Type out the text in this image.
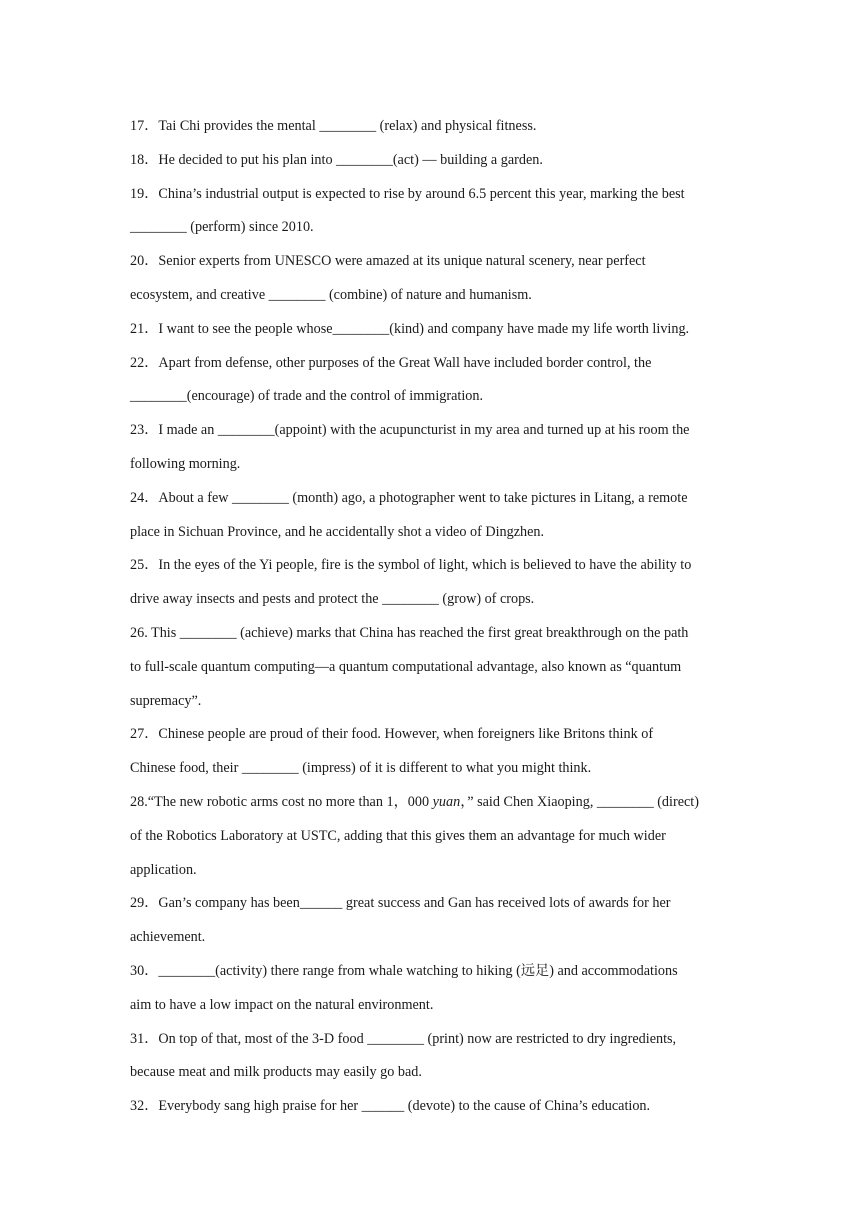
17．Tai Chi provides the mental ________ (relax) and physical fitness.
18．He decided to put his plan into ________(act) — building a garden.
19．China’s industrial output is expected to rise by around 6.5 percent this year, marking the best
________ (perform) since 2010.
20．Senior experts from UNESCO were amazed at its unique natural scenery, near perfect
ecosystem, and creative ________ (combine) of nature and humanism.
21．I want to see the people whose________(kind) and company have made my life worth living.
22．Apart from defense, other purposes of the Great Wall have included border control, the
________(encourage) of trade and the control of immigration.
23．I made an ________(appoint) with the acupuncturist in my area and turned up at his room the
following morning.
24．About a few ________ (month) ago, a photographer went to take pictures in Litang, a remote
place in Sichuan Province, and he accidentally shot a video of Dingzhen.
25．In the eyes of the Yi people, fire is the symbol of light, which is believed to have the ability to
drive away insects and pests and protect the ________ (grow) of crops.
26. This ________ (achieve) marks that China has reached the first great breakthrough on the path
to full-scale quantum computing—a quantum computational advantage, also known as “quantum
supremacy”.
27．Chinese people are proud of their food. However, when foreigners like Britons think of
Chinese food, their ________ (impress) of it is different to what you might think.
28.“The new robotic arms cost no more than 1，000 yuan，” said Chen Xiaoping, ________ (direct)
of the Robotics Laboratory at USTC, adding that this gives them an advantage for much wider
application.
29．Gan’s company has been______ great success and Gan has received lots of awards for her
achievement.
30．________(activity) there range from whale watching to hiking (远足) and accommodations
aim to have a low impact on the natural environment.
31．On top of that, most of the 3-D food ________ (print) now are restricted to dry ingredients,
because meat and milk products may easily go bad.
32．Everybody sang high praise for her ______ (devote) to the cause of China’s education.
